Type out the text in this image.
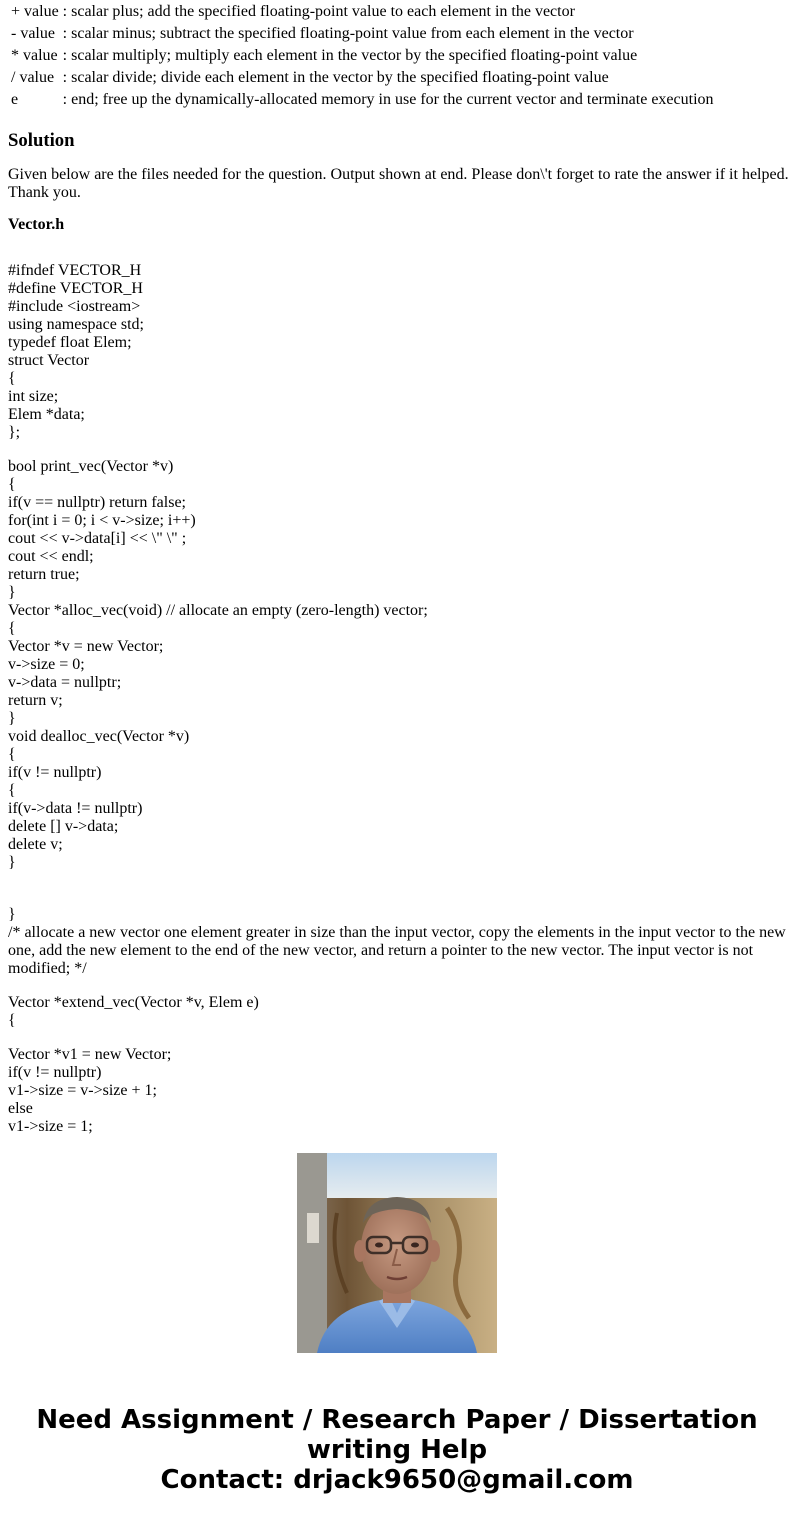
+ value	: scalar plus; add the specified floating-point value to each element in the vector
- value	: scalar minus; subtract the specified floating-point value from each element in the vector
* value	: scalar multiply; multiply each element in the vector by the specified floating-point value
/ value	: scalar divide; divide each element in the vector by the specified floating-point value
e	: end; free up the dynamically-allocated memory in use for the current vector and terminate execution
Solution

Given below are the files needed for the question. Output shown at end. Please don\'t forget to rate the answer if it helped. Thank you.

Vector.h

#ifndef VECTOR_H
#define VECTOR_H
#include <iostream>
using namespace std;
typedef float Elem;
struct Vector
{
int size;
Elem *data;
};
bool print_vec(Vector *v)
{
if(v == nullptr) return false;
for(int i = 0; i < v->size; i++)
cout << v->data[i] << \" \" ;
cout << endl;
return true;
}
Vector *alloc_vec(void) // allocate an empty (zero-length) vector;
{
Vector *v = new Vector;
v->size = 0;
v->data = nullptr;
return v;
}
void dealloc_vec(Vector *v)
{
if(v != nullptr)
{
if(v->data != nullptr)
delete [] v->data;
delete v;
}
}
/* allocate a new vector one element greater in size than the input vector, copy the elements in the input vector to the new one, add the new element to the end of the new vector, and return a pointer to the new vector. The input vector is not modified; */
Vector *extend_vec(Vector *v, Elem e)
{
Vector *v1 = new Vector;
if(v != nullptr)
v1->size = v->size + 1;
else
v1->size = 1;
Need Assignment / Research Paper / Dissertation
writing Help
Contact: drjack9650@gmail.com
